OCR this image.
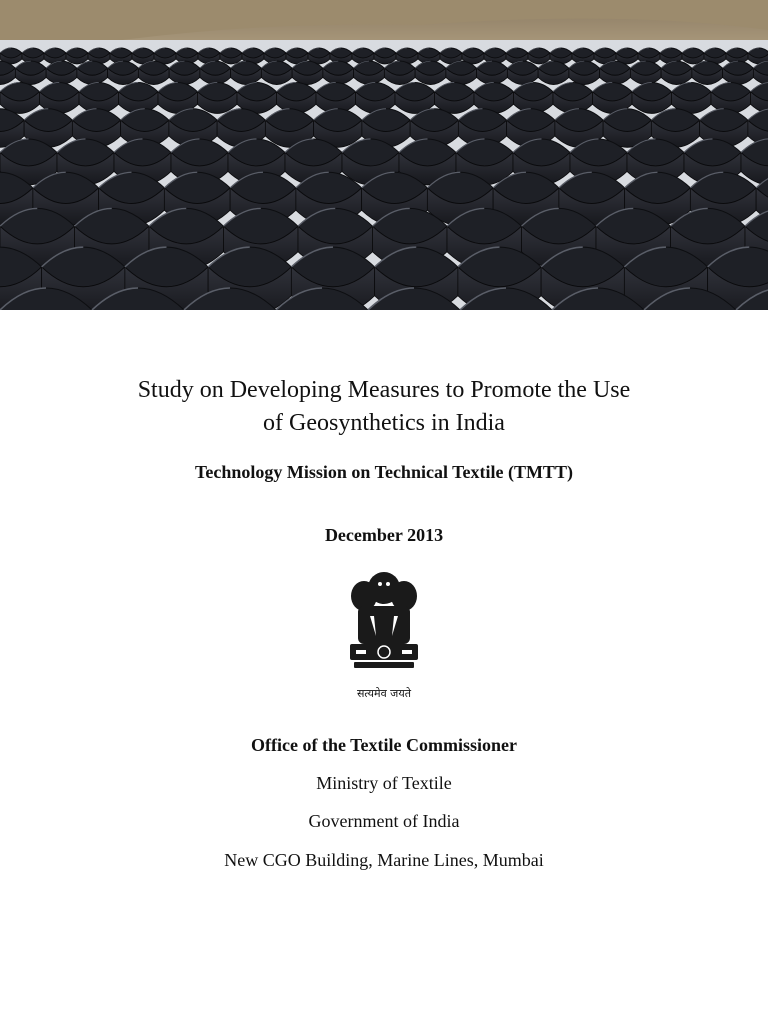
Study on Developing Measures to Promote the Use
of Geosynthetics in India
Technology Mission on Technical Textile (TMTT)
December 2013
सत्यमेव जयते
Office of the Textile Commissioner
Ministry of Textile
Government of India
New CGO Building, Marine Lines, Mumbai
